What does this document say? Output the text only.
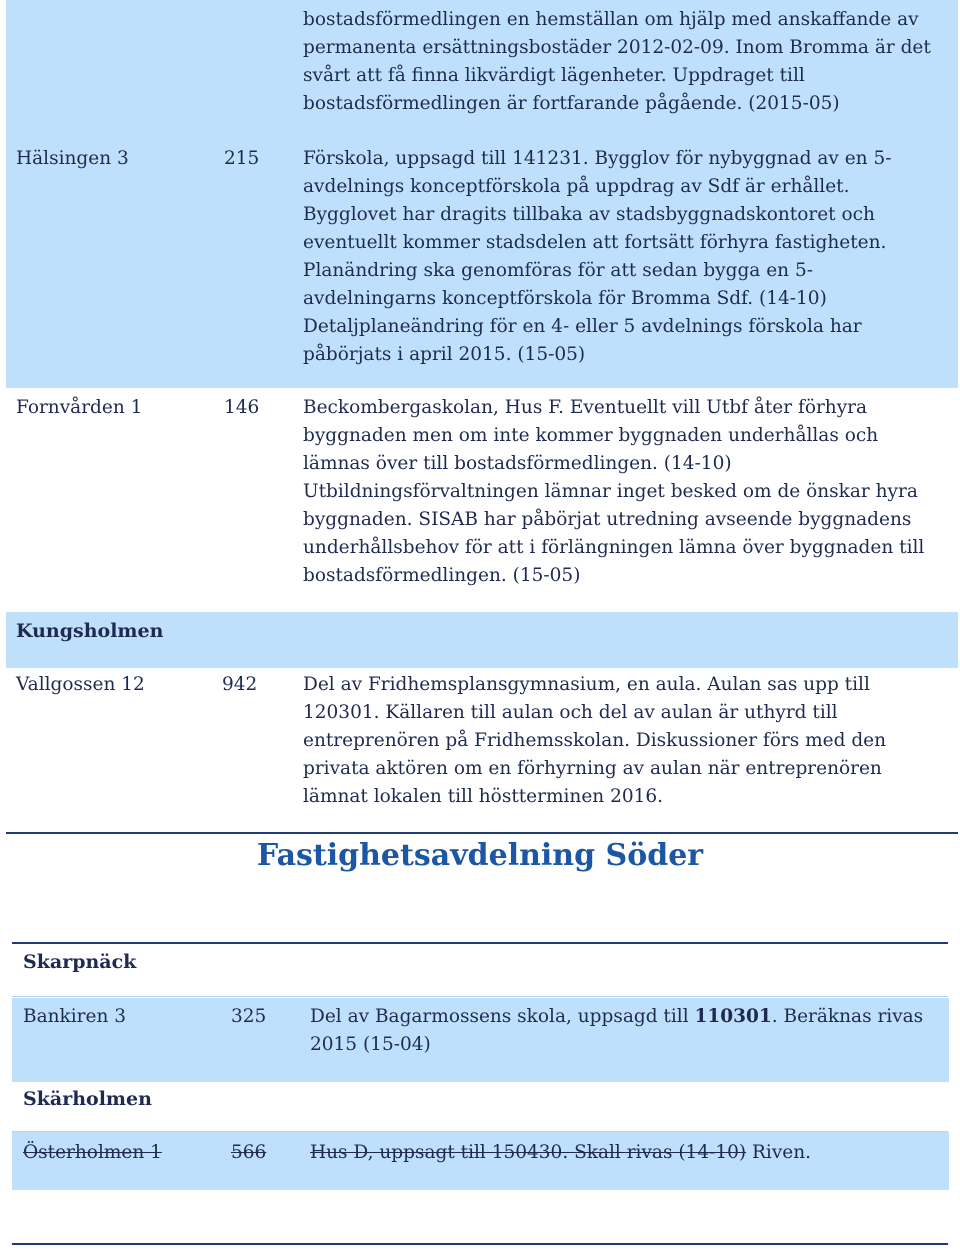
bostadsförmedlingen en hemställan om hjälp med anskaffande av
permanenta ersättningsbostäder 2012-02-09. Inom Bromma är det
svårt att få finna likvärdigt lägenheter. Uppdraget till
bostadsförmedlingen är fortfarande pågående. (2015-05)
Hälsingen 3	215 Förskola, uppsagd till 141231. Bygglov för nybyggnad av en 5-
avdelnings konceptförskola på uppdrag av Sdf är erhållet.
Bygglovet har dragits tillbaka av stadsbyggnadskontoret och
eventuellt kommer stadsdelen att fortsätt förhyra fastigheten.
Planändring ska genomföras för att sedan bygga en 5-
avdelningarns konceptförskola för Bromma Sdf. (14-10)
Detaljplaneändring för en 4- eller 5 avdelnings förskola har
påbörjats i april 2015. (15-05)
Fornvården 1	146 Beckombergaskolan, Hus F. Eventuellt vill Utbf åter förhyra
byggnaden men om inte kommer byggnaden underhållas och
lämnas över till bostadsförmedlingen. (14-10)
Utbildningsförvaltningen lämnar inget besked om de önskar hyra
byggnaden. SISAB har påbörjat utredning avseende byggnadens
underhållsbehov för att i förlängningen lämna över byggnaden till
bostadsförmedlingen. (15-05)
Kungsholmen
Vallgossen 12	942 Del av Fridhemsplansgymnasium, en aula. Aulan sas upp till
120301. Källaren till aulan och del av aulan är uthyrd till
entreprenören på Fridhemsskolan. Diskussioner förs med den
privata aktören om en förhyrning av aulan när entreprenören
lämnat lokalen till höstterminen 2016.
Fastighetsavdelning Söder
Skarpnäck
Bankiren 3	325 Del av Bagarmossens skola, uppsagd till 110301. Beräknas rivas
2015 (15-04)
Skärholmen
Österholmen 1	566 Hus D, uppsagt till 150430. Skall rivas (14-10) Riven.
